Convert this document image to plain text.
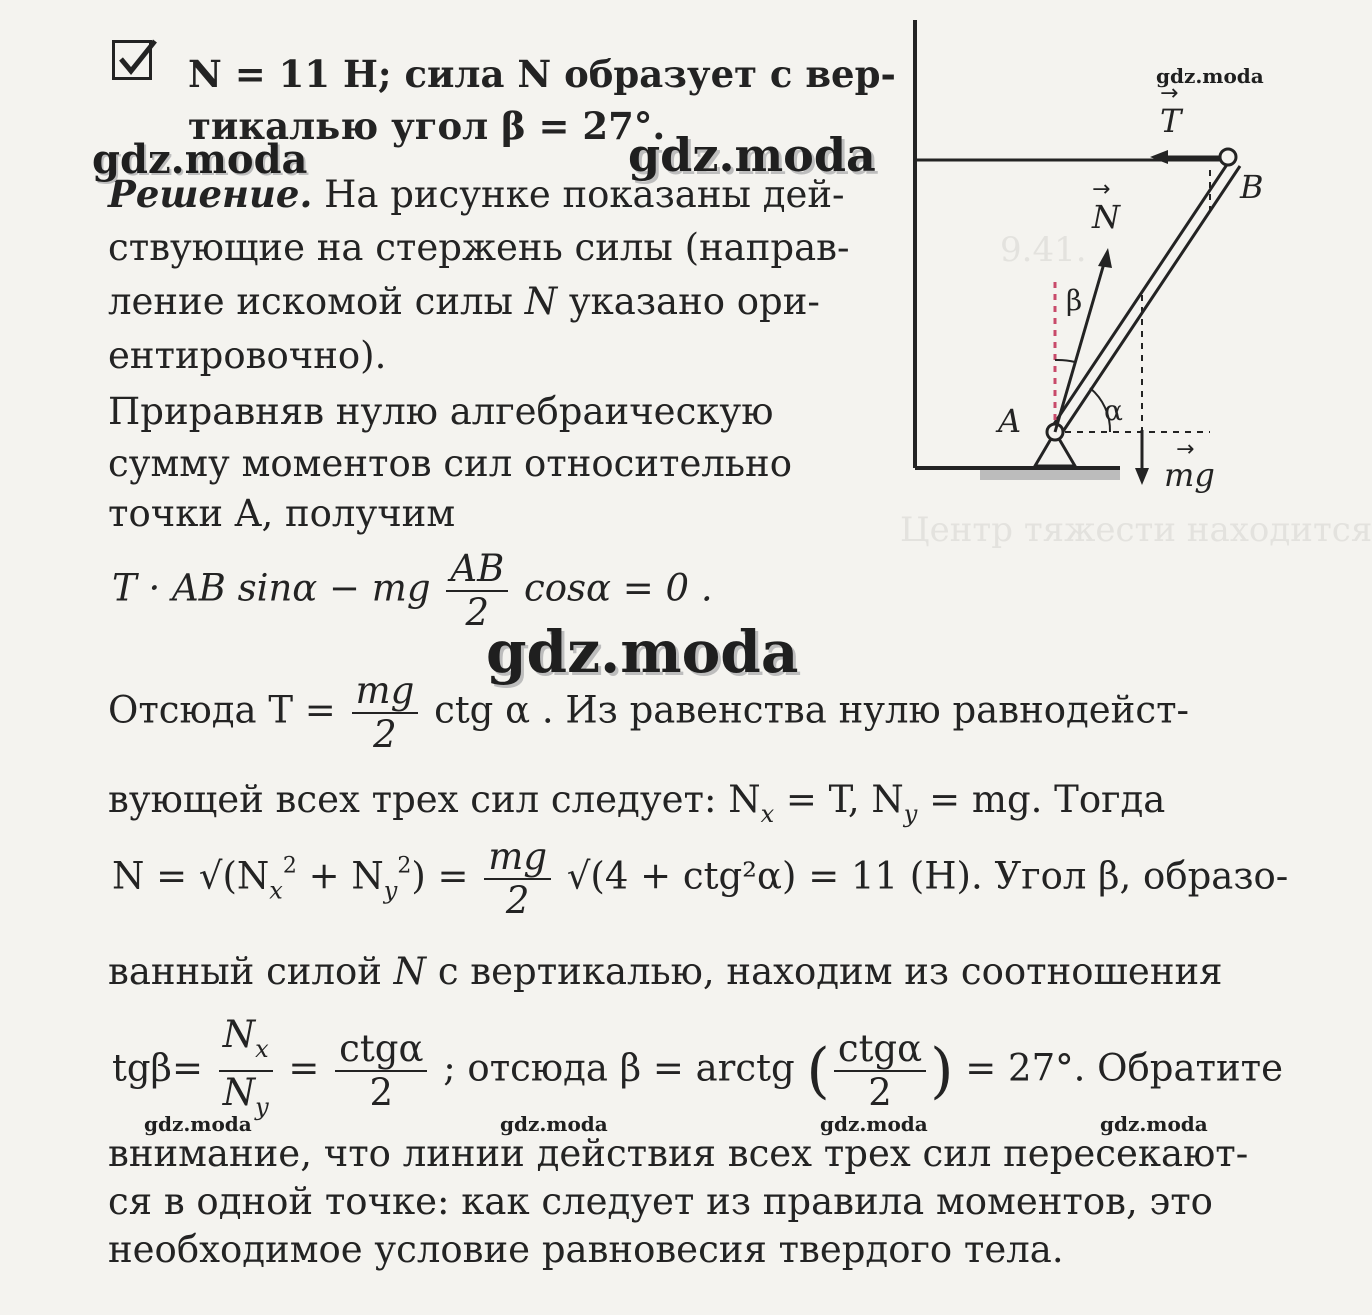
9.41.
Центр тяжести находится
N = 11 Н; сила N образует с вер-
тикалью угол β = 27°.
Решение. На рисунке показаны дей-
ствующие на стержень силы (направ-
ление искомой силы N указано ори-
ентировочно).
Приравняв нулю алгебраическую
сумму моментов сил относительно
точки A, получим
T · AB sinα − mg $\frac{AB}{2}$ cosα = 0 .
Отсюда $T = \frac{mg}{2}$ ctg α . Из равенства нулю равнодейст-
вующей всех трех сил следует: $N_x = T$, $N_y$ = mg. Тогда
$N = √(N_x^2 + N_y^2) = \frac{mg}{2} √(4 + ctg^2\alpha) = 11$ (Н). Угол β, образо-
ванный силой N с вертикалью, находим из соотношения
$tg\beta= \frac{N_x}{N_y} = \frac{\text{ctgα}}{2}$ ; отсюда β = arctg ( $\frac{\text{ctgα}}{2}$ ) = 27°. Обратите
внимание, что линии действия всех трех сил пересекают-
ся в одной точке: как следует из правила моментов, это
необходимое условие равновесия твердого тела.
T
→
N
→	B
A
β
α
mg
→
gdz.moda	gdz.moda
gdz.moda
gdz.moda
gdz.moda	gdz.moda	gdz.moda	gdz.moda
